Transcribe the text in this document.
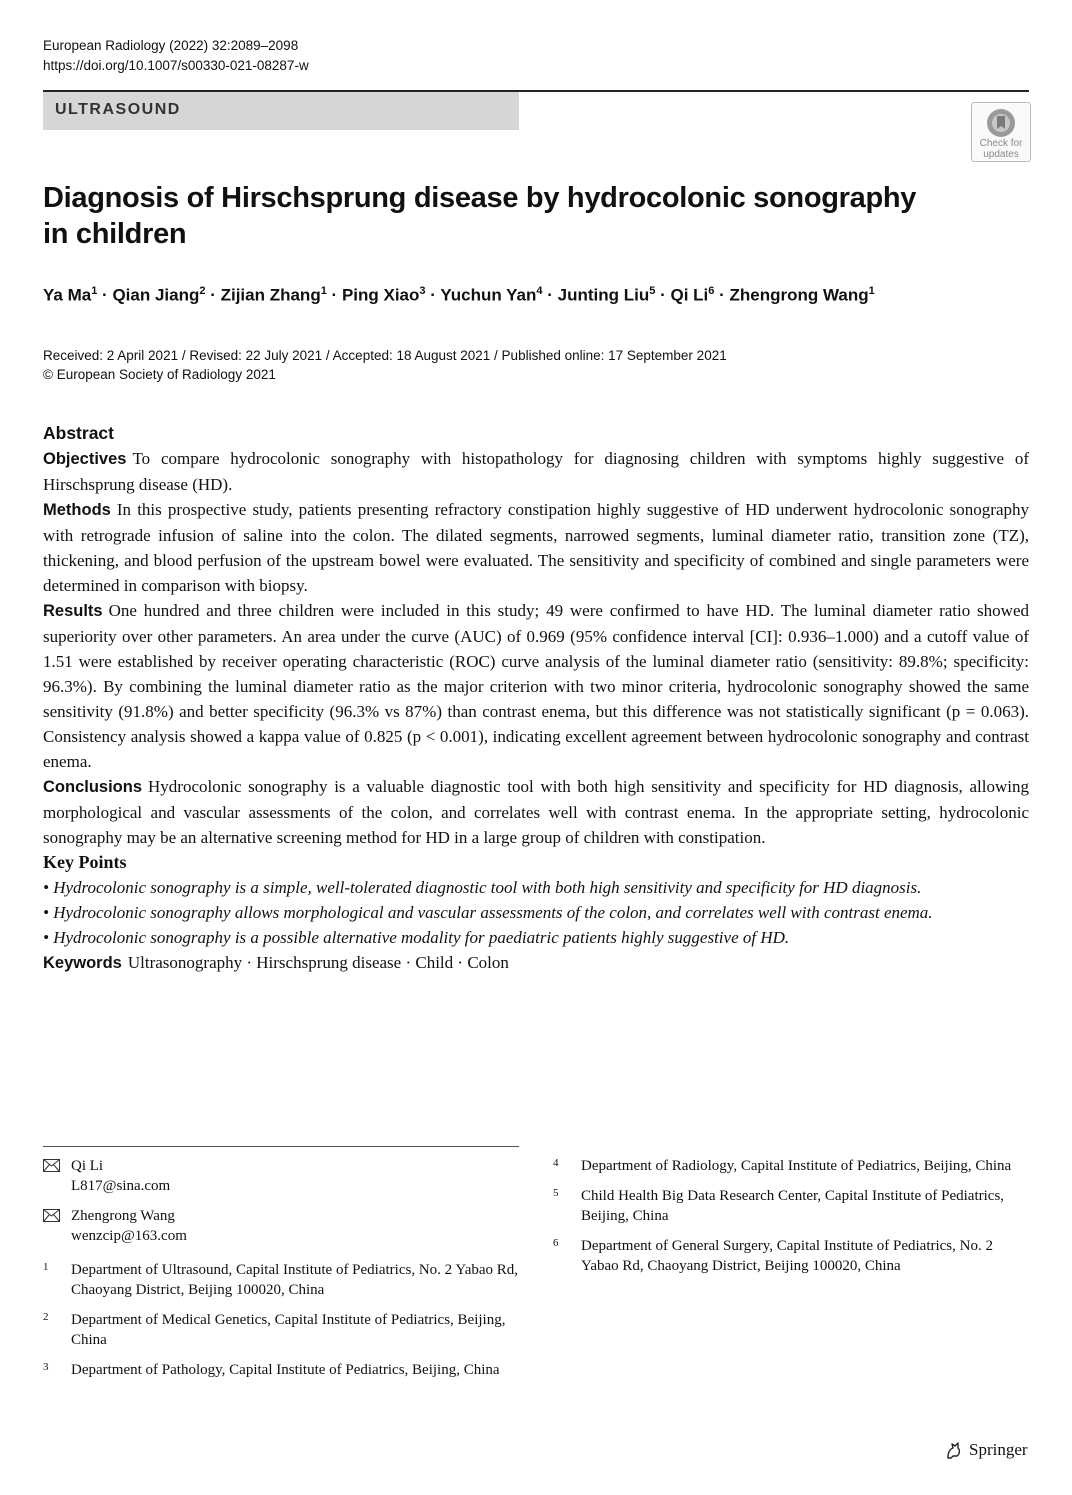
European Radiology (2022) 32:2089–2098
https://doi.org/10.1007/s00330-021-08287-w
ULTRASOUND
Check for
updates
Diagnosis of Hirschsprung disease by hydrocolonic sonography in children
Ya $Ma^1$ · Qian Jiang$^2$ · Zijian Zhang$^1$ · Ping Xiao$^3$ · Yuchun Yan$^4$ · Junting Liu$^5$ · Qi $Li^6$ · Zhengrong Wang$^1$
Received: 2 April 2021 / Revised: 22 July 2021 / Accepted: 18 August 2021 / Published online: 17 September 2021
© European Society of Radiology 2021
Abstract

Objectives To compare hydrocolonic sonography with histopathology for diagnosing children with symptoms highly suggestive of Hirschsprung disease (HD).

Methods In this prospective study, patients presenting refractory constipation highly suggestive of HD underwent hydrocolonic sonography with retrograde infusion of saline into the colon. The dilated segments, narrowed segments, luminal diameter ratio, transition zone (TZ), thickening, and blood perfusion of the upstream bowel were evaluated. The sensitivity and specificity of combined and single parameters were determined in comparison with biopsy.

Results One hundred and three children were included in this study; 49 were confirmed to have HD. The luminal diameter ratio showed superiority over other parameters. An area under the curve (AUC) of 0.969 (95% confidence interval [CI]: 0.936–1.000) and a cutoff value of 1.51 were established by receiver operating characteristic (ROC) curve analysis of the luminal diameter ratio (sensitivity: 89.8%; specificity: 96.3%). By combining the luminal diameter ratio as the major criterion with two minor criteria, hydrocolonic sonography showed the same sensitivity (91.8%) and better specificity (96.3% vs 87%) than contrast enema, but this difference was not statistically significant (p = 0.063). Consistency analysis showed a kappa value of 0.825 (p < 0.001), indicating excellent agreement between hydrocolonic sonography and contrast enema.

Conclusions Hydrocolonic sonography is a valuable diagnostic tool with both high sensitivity and specificity for HD diagnosis, allowing morphological and vascular assessments of the colon, and correlates well with contrast enema. In the appropriate setting, hydrocolonic sonography may be an alternative screening method for HD in a large group of children with constipation.

Key Points

• Hydrocolonic sonography is a simple, well-tolerated diagnostic tool with both high sensitivity and specificity for HD diagnosis.

• Hydrocolonic sonography allows morphological and vascular assessments of the colon, and correlates well with contrast enema.

• Hydrocolonic sonography is a possible alternative modality for paediatric patients highly suggestive of HD.

Keywords Ultrasonography · Hirschsprung disease · Child · Colon

Qi Li
L817@sina.com
Zhengrong Wang
wenzcip@163.com
1 Department of Ultrasound, Capital Institute of Pediatrics, No. 2 Yabao Rd, Chaoyang District, Beijing 100020, China
2 Department of Medical Genetics, Capital Institute of Pediatrics, Beijing, China
3 Department of Pathology, Capital Institute of Pediatrics, Beijing, China
4 Department of Radiology, Capital Institute of Pediatrics, Beijing, China
5 Child Health Big Data Research Center, Capital Institute of Pediatrics, Beijing, China
6 Department of General Surgery, Capital Institute of Pediatrics, No. 2 Yabao Rd, Chaoyang District, Beijing 100020, China
Springer
